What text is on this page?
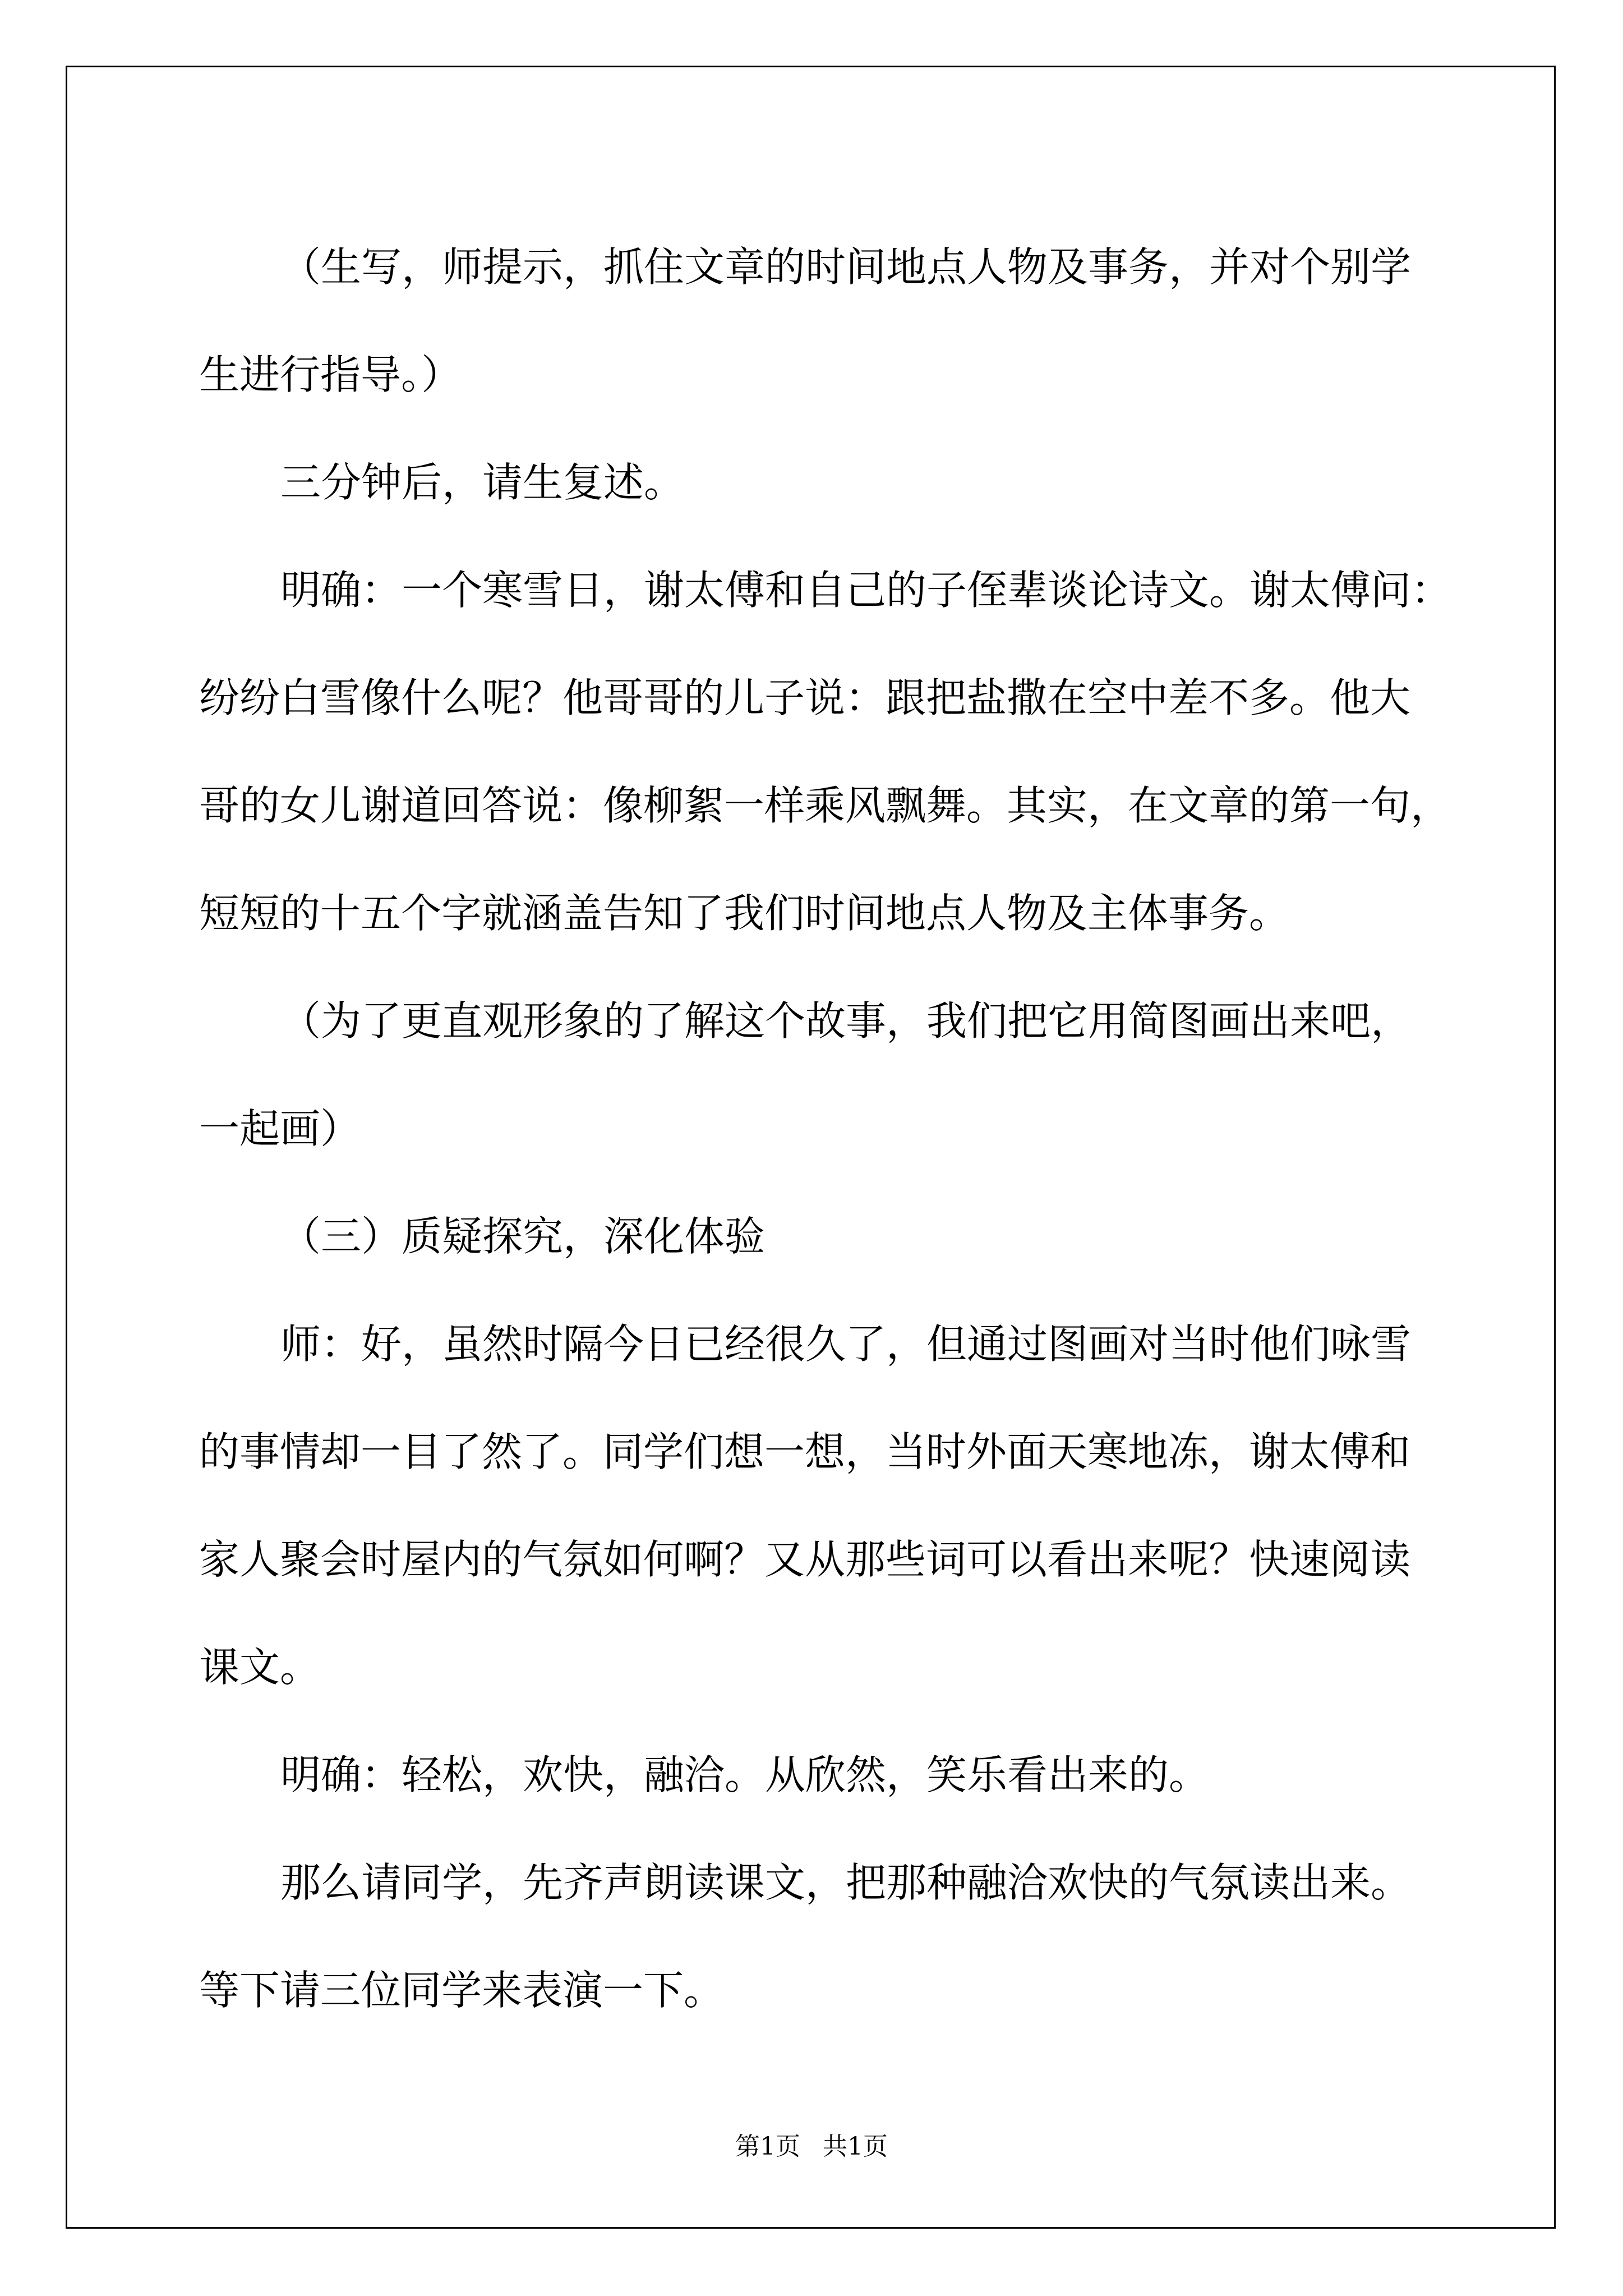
（生写，师提示，抓住文章的时间地点人物及事务，并对个别学
生进行指导。）
三分钟后，请生复述。
明确：一个寒雪日，谢太傅和自己的子侄辈谈论诗文。谢太傅问：
纷纷白雪像什么呢？他哥哥的儿子说：跟把盐撒在空中差不多。他大
哥的女儿谢道回答说：像柳絮一样乘风飘舞。其实，在文章的第一句，
短短的十五个字就涵盖告知了我们时间地点人物及主体事务。
（为了更直观形象的了解这个故事，我们把它用简图画出来吧，
一起画）
（三）质疑探究，深化体验
师：好，虽然时隔今日已经很久了，但通过图画对当时他们咏雪
的事情却一目了然了。同学们想一想，当时外面天寒地冻，谢太傅和
家人聚会时屋内的气氛如何啊？又从那些词可以看出来呢？快速阅读
课文。
明确：轻松，欢快，融洽。从欣然，笑乐看出来的。
那么请同学，先齐声朗读课文，把那种融洽欢快的气氛读出来。
等下请三位同学来表演一下。
第1页 共1页
